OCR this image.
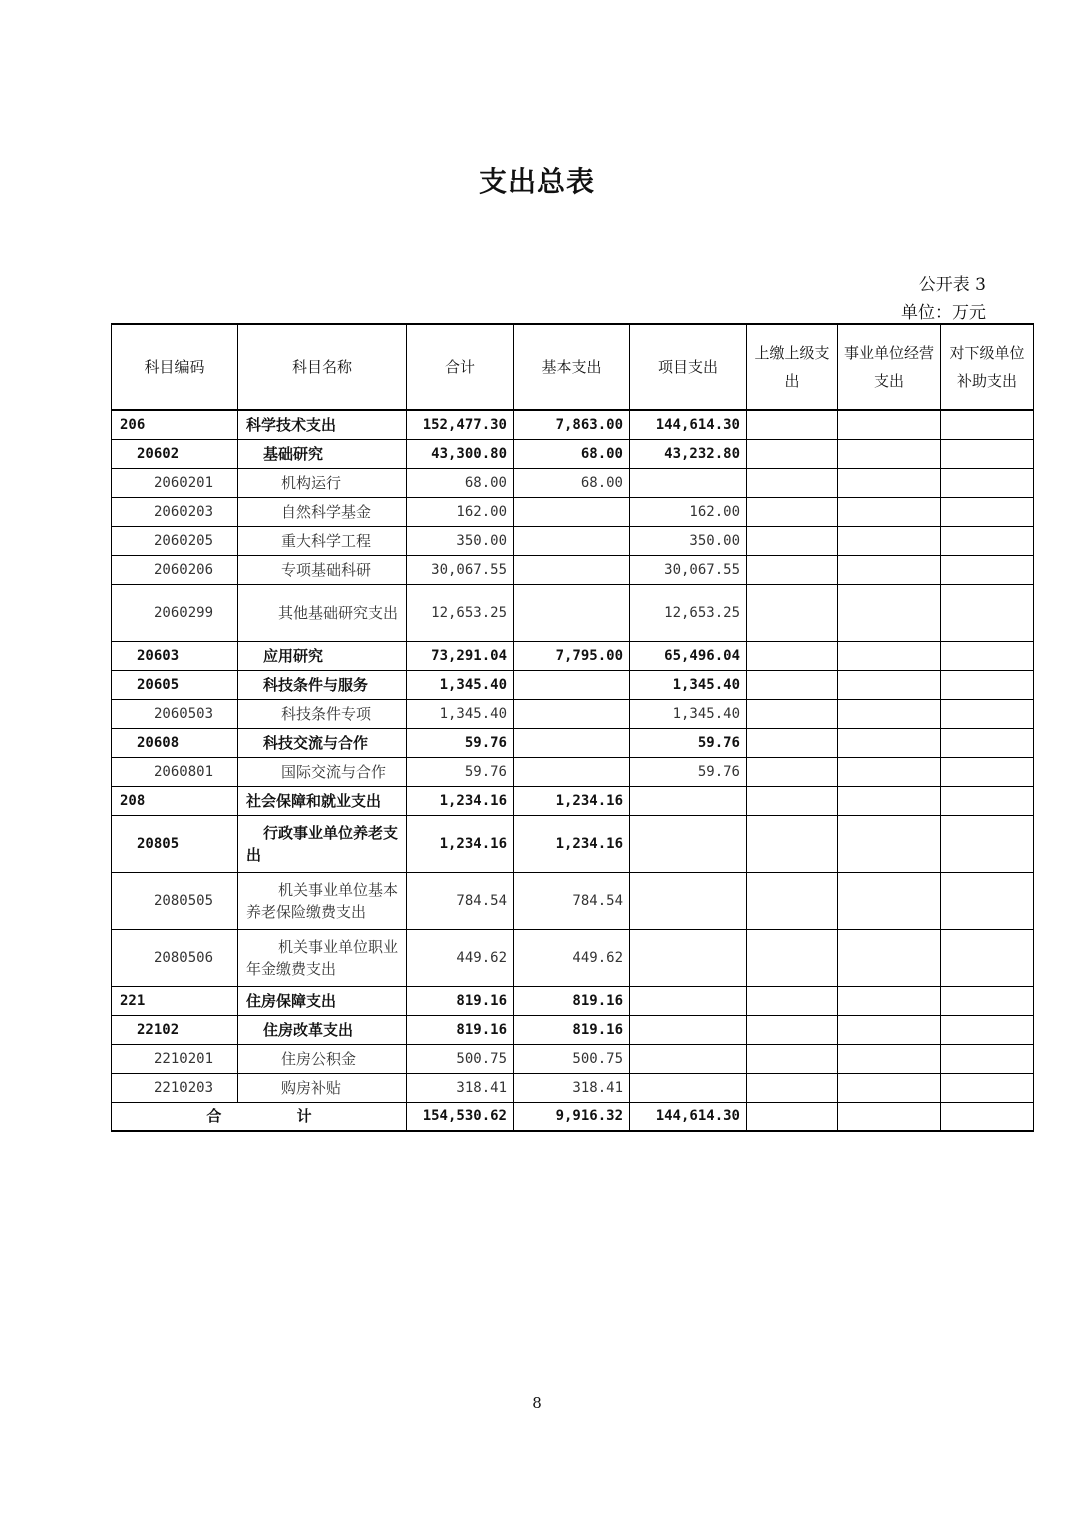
支出总表
公开表 3
单位：万元
科目编码	科目名称	合计	基本支出	项目支出	上缴上级支出	事业单位经营支出	对下级单位补助支出
206	科学技术支出	152,477.30	7,863.00	144,614.30			
20602	基础研究	43,300.80	68.00	43,232.80			
2060201	机构运行	68.00	68.00				
2060203	自然科学基金	162.00		162.00			
2060205	重大科学工程	350.00		350.00			
2060206	专项基础科研	30,067.55		30,067.55			
2060299	其他基础研究支出	12,653.25		12,653.25			
20603	应用研究	73,291.04	7,795.00	65,496.04			
20605	科技条件与服务	1,345.40		1,345.40			
2060503	科技条件专项	1,345.40		1,345.40			
20608	科技交流与合作	59.76		59.76			
2060801	国际交流与合作	59.76		59.76			
208	社会保障和就业支出	1,234.16	1,234.16				
20805	行政事业单位养老支出	1,234.16	1,234.16				
2080505	机关事业单位基本养老保险缴费支出	784.54	784.54				
2080506	机关事业单位职业年金缴费支出	449.62	449.62				
221	住房保障支出	819.16	819.16				
22102	住房改革支出	819.16	819.16				
2210201	住房公积金	500.75	500.75				
2210203	购房补贴	318.41	318.41				
合 计		154,530.62	9,916.32	144,614.30			
8
